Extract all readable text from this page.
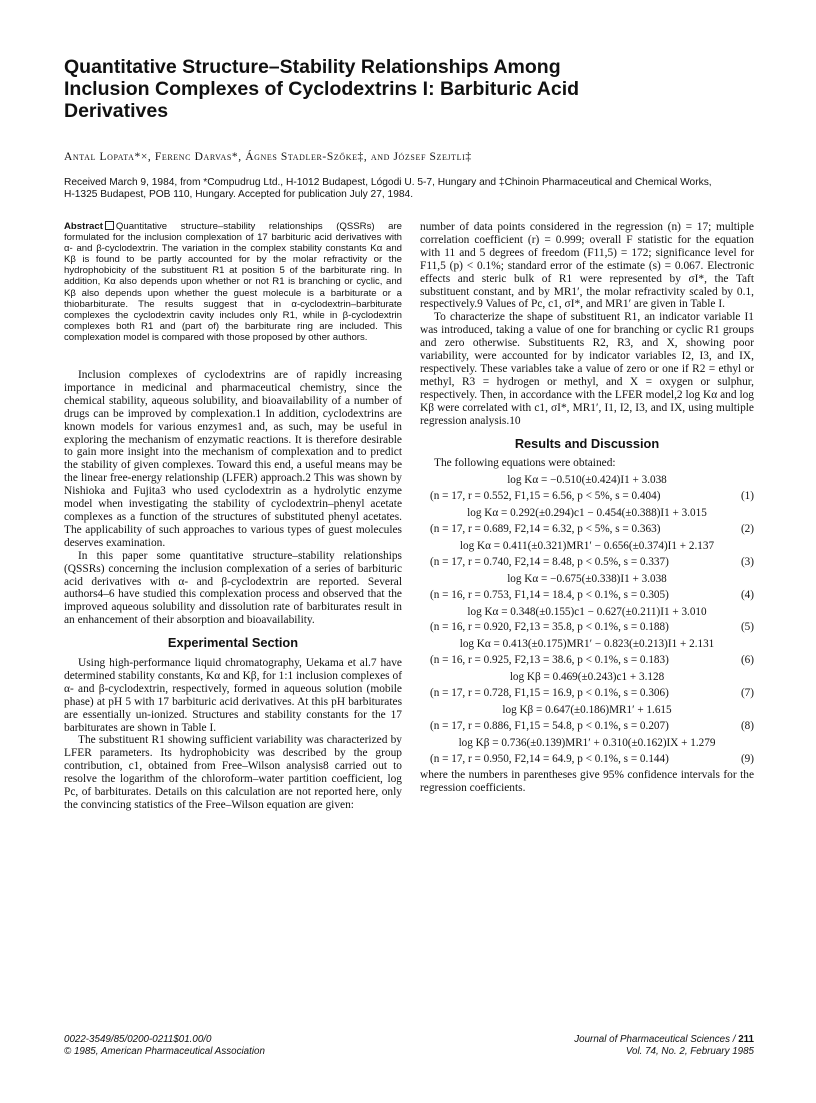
Quantitative Structure–Stability Relationships Among Inclusion Complexes of Cyclodextrins I: Barbituric Acid Derivatives
Antal Lopata*×, Ferenc Darvas*, Ágnes Stadler-Szőke‡, and József Szejtli‡
Received March 9, 1984, from *Compudrug Ltd., H-1012 Budapest, Lógodi U. 5-7, Hungary and ‡Chinoin Pharmaceutical and Chemical Works,
H-1325 Budapest, POB 110, Hungary. Accepted for publication July 27, 1984.
Abstract Quantitative structure–stability relationships (QSSRs) are formulated for the inclusion complexation of 17 barbituric acid derivatives with α- and β-cyclodextrin. The variation in the complex stability constants Kα and Kβ is found to be partly accounted for by the molar refractivity or the hydrophobicity of the substituent R1 at position 5 of the barbiturate ring. In addition, Kα also depends upon whether or not R1 is branching or cyclic, and Kβ also depends upon whether the guest molecule is a barbiturate or a thiobarbiturate. The results suggest that in α-cyclodextrin–barbiturate complexes the cyclodextrin cavity includes only R1, while in β-cyclodextrin complexes both R1 and (part of) the barbiturate ring are included. This complexation model is compared with those proposed by other authors.

Inclusion complexes of cyclodextrins are of rapidly increasing importance in medicinal and pharmaceutical chemistry, since the chemical stability, aqueous solubility, and bioavailability of a number of drugs can be improved by complexation.1 In addition, cyclodextrins are known models for various enzymes1 and, as such, may be useful in exploring the mechanism of enzymatic reactions. It is therefore desirable to gain more insight into the mechanism of complexation and to predict the stability of given complexes. Toward this end, a useful means may be the linear free-energy relationship (LFER) approach.2 This was shown by Nishioka and Fujita3 who used cyclodextrin as a hydrolytic enzyme model when investigating the stability of cyclodextrin–phenyl acetate complexes as a function of the structures of substituted phenyl acetates. The applicability of such approaches to various types of guest molecules deserves examination.

In this paper some quantitative structure–stability relationships (QSSRs) concerning the inclusion complexation of a series of barbituric acid derivatives with α- and β-cyclodextrin are reported. Several authors4–6 have studied this complexation process and observed that the improved aqueous solubility and dissolution rate of barbiturates result in an enhancement of their absorption and bioavailability.

Experimental Section

Using high-performance liquid chromatography, Uekama et al.7 have determined stability constants, Kα and Kβ, for 1:1 inclusion complexes of α- and β-cyclodextrin, respectively, formed in aqueous solution (mobile phase) at pH 5 with 17 barbituric acid derivatives. At this pH barbiturates are essentially un-ionized. Structures and stability constants for the 17 barbiturates are shown in Table I.

The substituent R1 showing sufficient variability was characterized by LFER parameters. Its hydrophobicity was described by the group contribution, c1, obtained from Free–Wilson analysis8 carried out to resolve the logarithm of the chloroform–water partition coefficient, log Pc, of barbiturates. Details on this calculation are not reported here, only the convincing statistics of the Free–Wilson equation are given:

number of data points considered in the regression (n) = 17; multiple correlation coefficient (r) = 0.999; overall F statistic for the equation with 11 and 5 degrees of freedom (F11,5) = 172; significance level for F11,5 (p) < 0.1%; standard error of the estimate (s) = 0.067. Electronic effects and steric bulk of R1 were represented by σI*, the Taft substituent constant, and by MR1′, the molar refractivity scaled by 0.1, respectively.9 Values of Pc, c1, σI*, and MR1′ are given in Table I.

To characterize the shape of substituent R1, an indicator variable I1 was introduced, taking a value of one for branching or cyclic R1 groups and zero otherwise. Substituents R2, R3, and X, showing poor variability, were accounted for by indicator variables I2, I3, and IX, respectively. These variables take a value of zero or one if R2 = ethyl or methyl, R3 = hydrogen or methyl, and X = oxygen or sulphur, respectively. Then, in accordance with the LFER model,2 log Kα and log Kβ were correlated with c1, σI*, MR1′, I1, I2, I3, and IX, using multiple regression analysis.10

Results and Discussion

The following equations were obtained:

log Kα = −0.510(±0.424)I1 + 3.038
(n = 17, r = 0.552, F1,15 = 6.56, p < 5%, s = 0.404)	(1)
log Kα = 0.292(±0.294)c1 − 0.454(±0.388)I1 + 3.015
(n = 17, r = 0.689, F2,14 = 6.32, p < 5%, s = 0.363)	(2)
log Kα = 0.411(±0.321)MR1′ − 0.656(±0.374)I1 + 2.137
(n = 17, r = 0.740, F2,14 = 8.48, p < 0.5%, s = 0.337)	(3)
log Kα = −0.675(±0.338)I1 + 3.038
(n = 16, r = 0.753, F1,14 = 18.4, p < 0.1%, s = 0.305)	(4)
log Kα = 0.348(±0.155)c1 − 0.627(±0.211)I1 + 3.010
(n = 16, r = 0.920, F2,13 = 35.8, p < 0.1%, s = 0.188)	(5)
log Kα = 0.413(±0.175)MR1′ − 0.823(±0.213)I1 + 2.131
(n = 16, r = 0.925, F2,13 = 38.6, p < 0.1%, s = 0.183)	(6)
log Kβ = 0.469(±0.243)c1 + 3.128
(n = 17, r = 0.728, F1,15 = 16.9, p < 0.1%, s = 0.306)	(7)
log Kβ = 0.647(±0.186)MR1′ + 1.615
(n = 17, r = 0.886, F1,15 = 54.8, p < 0.1%, s = 0.207)	(8)
log Kβ = 0.736(±0.139)MR1′ + 0.310(±0.162)IX + 1.279
(n = 17, r = 0.950, F2,14 = 64.9, p < 0.1%, s = 0.144)	(9)

where the numbers in parentheses give 95% confidence intervals for the regression coefficients.

0022-3549/85/0200-0211$01.00/0
© 1985, American Pharmaceutical Association
Journal of Pharmaceutical Sciences / 211
Vol. 74, No. 2, February 1985
